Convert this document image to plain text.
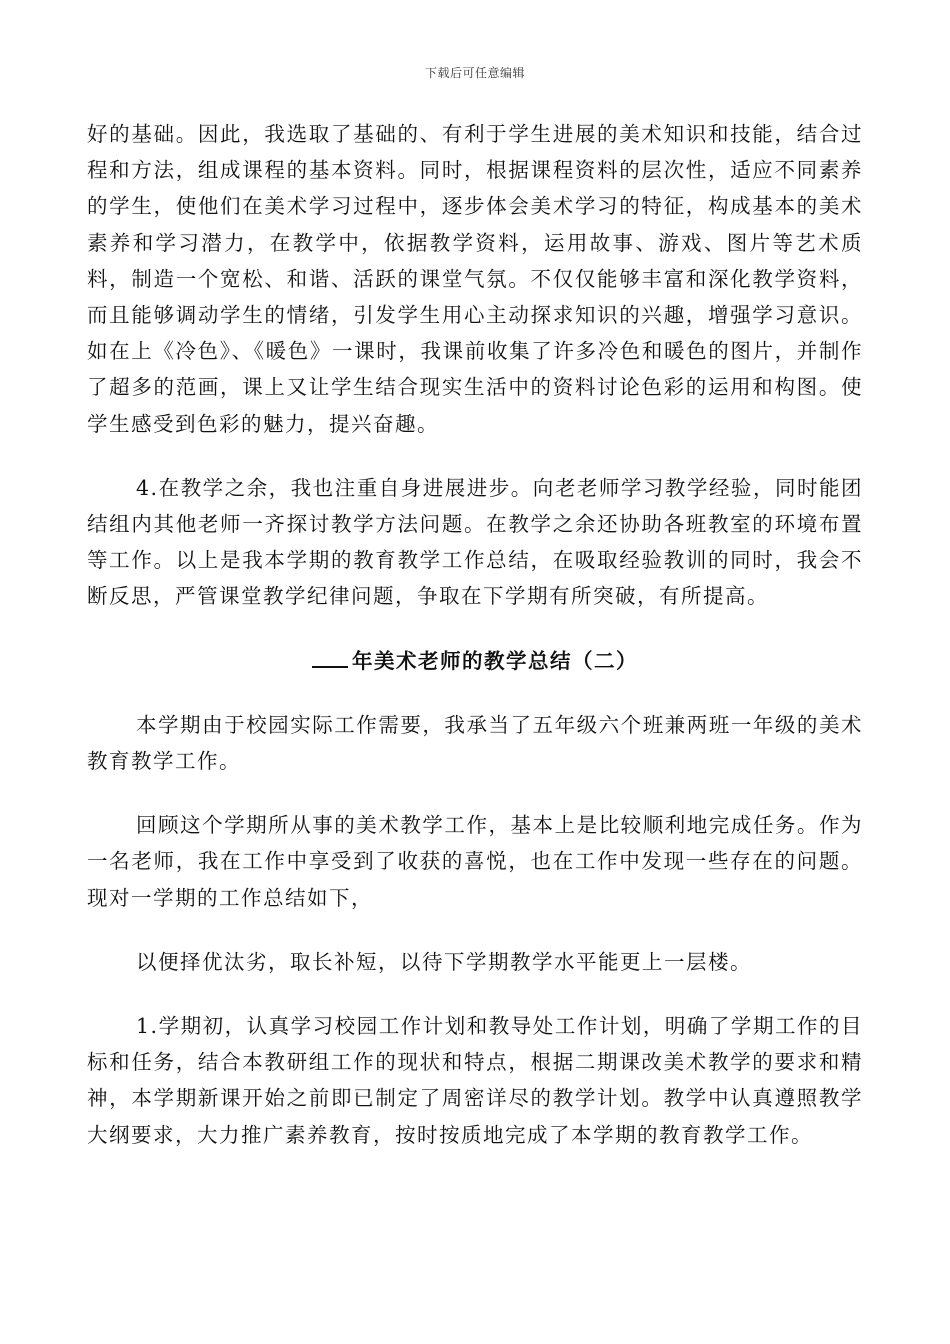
下载后可任意编辑

好的基础。因此，我选取了基础的、有利于学生进展的美术知识和技能，结合过程和方法，组成课程的基本资料。同时，根据课程资料的层次性，适应不同素养的学生，使他们在美术学习过程中，逐步体会美术学习的特征，构成基本的美术素养和学习潜力，在教学中，依据教学资料，运用故事、游戏、图片等艺术质料，制造一个宽松、和谐、活跃的课堂气氛。不仅仅能够丰富和深化教学资料，而且能够调动学生的情绪，引发学生用心主动探求知识的兴趣，增强学习意识。如在上《冷色》、《暖色》一课时，我课前收集了许多冷色和暖色的图片，并制作了超多的范画，课上又让学生结合现实生活中的资料讨论色彩的运用和构图。使学生感受到色彩的魅力，提兴奋趣。

4.在教学之余，我也注重自身进展进步。向老老师学习教学经验，同时能团结组内其他老师一齐探讨教学方法问题。在教学之余还协助各班教室的环境布置等工作。以上是我本学期的教育教学工作总结，在吸取经验教训的同时，我会不断反思，严管课堂教学纪律问题，争取在下学期有所突破，有所提高。

年美术老师的教学总结（二）

本学期由于校园实际工作需要，我承当了五年级六个班兼两班一年级的美术教育教学工作。

回顾这个学期所从事的美术教学工作，基本上是比较顺利地完成任务。作为一名老师，我在工作中享受到了收获的喜悦，也在工作中发现一些存在的问题。现对一学期的工作总结如下，

以便择优汰劣，取长补短，以待下学期教学水平能更上一层楼。

1.学期初，认真学习校园工作计划和教导处工作计划，明确了学期工作的目标和任务，结合本教研组工作的现状和特点，根据二期课改美术教学的要求和精神，本学期新课开始之前即已制定了周密详尽的教学计划。教学中认真遵照教学大纲要求，大力推广素养教育，按时按质地完成了本学期的教育教学工作。
